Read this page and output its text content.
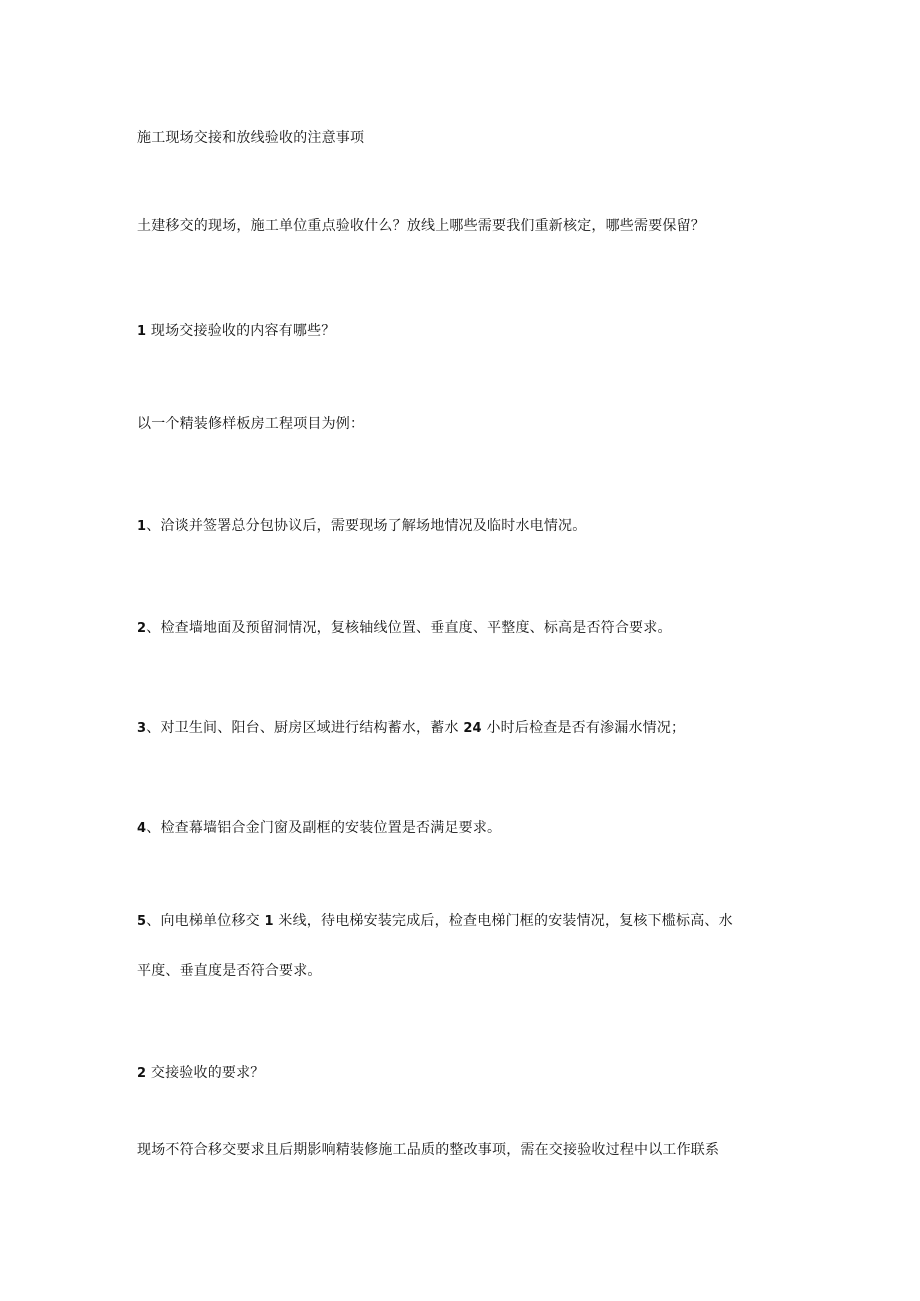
施工现场交接和放线验收的注意事项
土建移交的现场，施工单位重点验收什么？放线上哪些需要我们重新核定，哪些需要保留？
1 现场交接验收的内容有哪些？
以一个精装修样板房工程项目为例：
1、洽谈并签署总分包协议后，需要现场了解场地情况及临时水电情况。
2、检查墙地面及预留洞情况，复核轴线位置、垂直度、平整度、标高是否符合要求。
3、对卫生间、阳台、厨房区域进行结构蓄水，蓄水 24 小时后检查是否有渗漏水情况；
4、检查幕墙铝合金门窗及副框的安装位置是否满足要求。
5、向电梯单位移交 1 米线，待电梯安装完成后，检查电梯门框的安装情况，复核下槛标高、水
平度、垂直度是否符合要求。
2 交接验收的要求？
现场不符合移交要求且后期影响精装修施工品质的整改事项，需在交接验收过程中以工作联系
